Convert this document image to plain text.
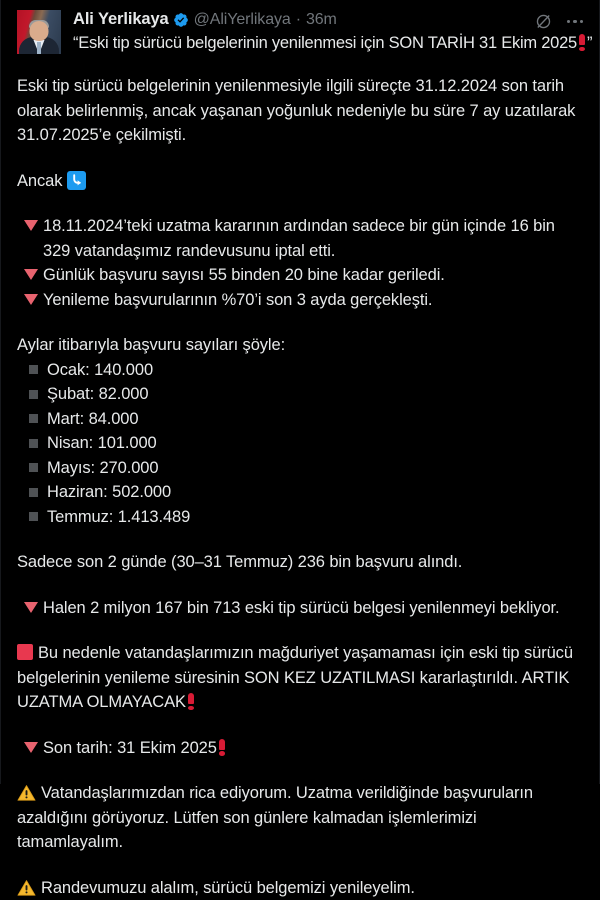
Ali Yerlikaya @AliYerlikaya · 36m
“Eski tip sürücü belgelerinin yenilenmesi için SON TARİH 31 Ekim 2025 ”
Eski tip sürücü belgelerinin yenilenmesiyle ilgili süreçte 31.12.2024 son tarih olarak belirlenmiş, ancak yaşanan yoğunluk nedeniyle bu süre 7 ay uzatılarak 31.07.2025’e çekilmişti.
Ancak
18.11.2024’teki uzatma kararının ardından sadece bir gün içinde 16 bin 329 vatandaşımız randevusunu iptal etti.
Günlük başvuru sayısı 55 binden 20 bine kadar geriledi.
Yenileme başvurularının %70’i son 3 ayda gerçekleşti.
Aylar itibarıyla başvuru sayıları şöyle:
Ocak: 140.000
Şubat: 82.000
Mart: 84.000
Nisan: 101.000
Mayıs: 270.000
Haziran: 502.000
Temmuz: 1.413.489
Sadece son 2 günde (30–31 Temmuz) 236 bin başvuru alındı.
Halen 2 milyon 167 bin 713 eski tip sürücü belgesi yenilenmeyi bekliyor.
Bu nedenle vatandaşlarımızın mağduriyet yaşamaması için eski tip sürücü belgelerinin yenileme süresinin SON KEZ UZATILMASI kararlaştırıldı. ARTIK UZATMA OLMAYACAK
Son tarih: 31 Ekim 2025
Vatandaşlarımızdan rica ediyorum. Uzatma verildiğinde başvuruların azaldığını görüyoruz. Lütfen son günlere kalmadan işlemlerimizi tamamlayalım.
Randevumuzu alalım, sürücü belgemizi yenileyelim.
